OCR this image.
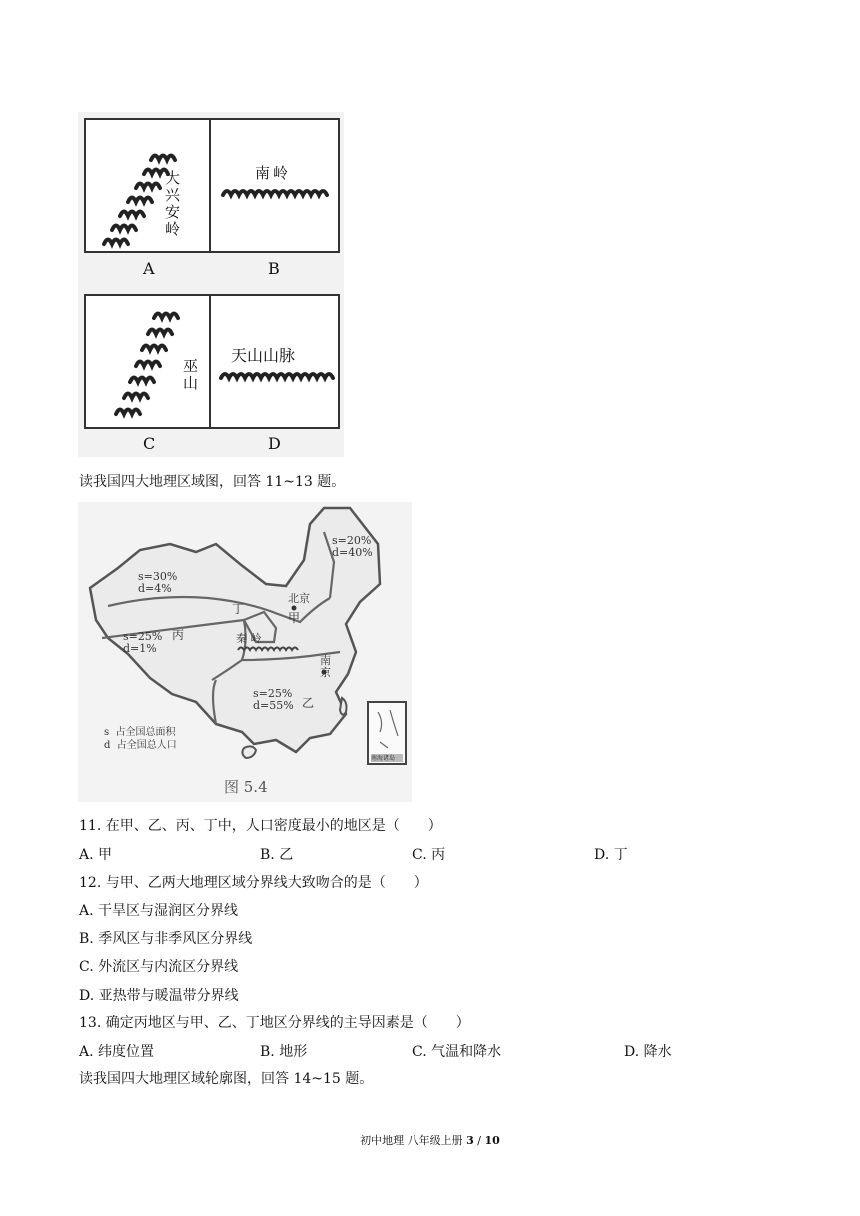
大兴安岭
A
南岭
B
巫山
C
天山山脉
D
读我国四大地理区域图，回答 11~13 题。
s=20%
d=40%
s=30%
d=4%
s=25%
d=1%
s=25%
d=55%
丁
甲
丙
乙
北京
南京
秦 岭
s 占全国总面积
d 占全国总人口
南海诸岛
图 5.4
11. 在甲、乙、丙、丁中，人口密度最小的地区是（　　）
A. 甲	B. 乙	C. 丙	D. 丁
12. 与甲、乙两大地理区域分界线大致吻合的是（　　）
A. 干旱区与湿润区分界线
B. 季风区与非季风区分界线
C. 外流区与内流区分界线
D. 亚热带与暖温带分界线
13. 确定丙地区与甲、乙、丁地区分界线的主导因素是（　　）
A. 纬度位置	B. 地形	C. 气温和降水	D. 降水
读我国四大地理区域轮廓图，回答 14~15 题。
初中地理 八年级上册 3 / 10
